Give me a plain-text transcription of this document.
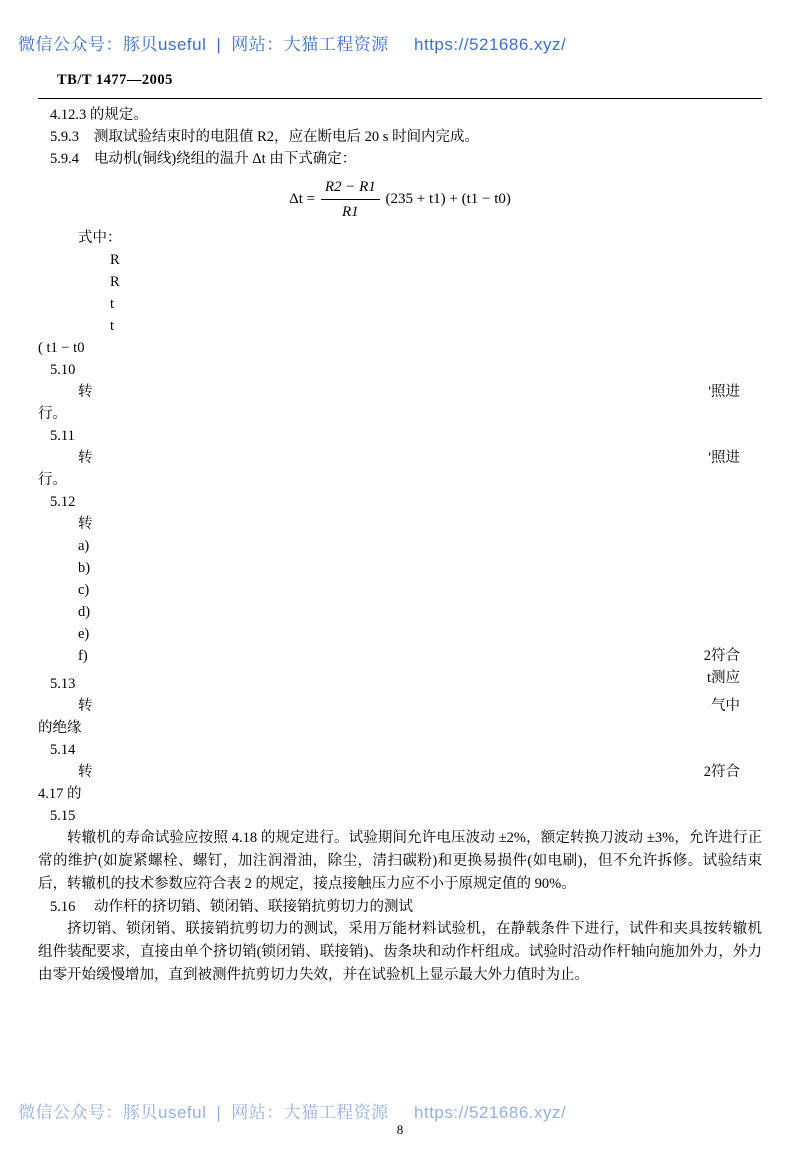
微信公众号：豚贝useful | 网站：大猫工程资源 https://521686.xyz/
TB/T 1477—2005
4.12.3 的规定。
5.9.3 测取试验结束时的电阻值 R2，应在断电后 20 s 时间内完成。
5.9.4 电动机(铜线)绕组的温升 Δt 由下式确定：
$\Delta t = \frac{R2 - R1}{R1} (235 + t1) + (t1 - t0)$
式中：
R
R
t
t
( t1 − t0
5.10
转	'照进
行。
5.11
转	'照进
行。
5.12
转
a)
b)
c)
d)
e)
f)	2符合
t测应
5.13
转	气中
的绝缘
5.14
转	2符合
4.17 的
5.15
转辙机的寿命试验应按照 4.18 的规定进行。试验期间允许电压波动 ±2%，额定转换刀波动 ±3%，允许进行正常的维护(如旋紧螺栓、螺钉，加注润滑油，除尘，清扫碳粉)和更换易损件(如电刷)，但不允许拆修。试验结束后，转辙机的技术参数应符合表 2 的规定，接点接触压力应不小于原规定值的 90%。
5.16 动作杆的挤切销、锁闭销、联接销抗剪切力的测试
挤切销、锁闭销、联接销抗剪切力的测试，采用万能材料试验机，在静载条件下进行，试件和夹具按转辙机组件装配要求，直接由单个挤切销(锁闭销、联接销)、齿条块和动作杆组成。试验时沿动作杆轴向施加外力，外力由零开始缓慢增加，直到被测件抗剪切力失效，并在试验机上显示最大外力值时为止。
微信公众号：豚贝useful | 网站：大猫工程资源 https://521686.xyz/
8
